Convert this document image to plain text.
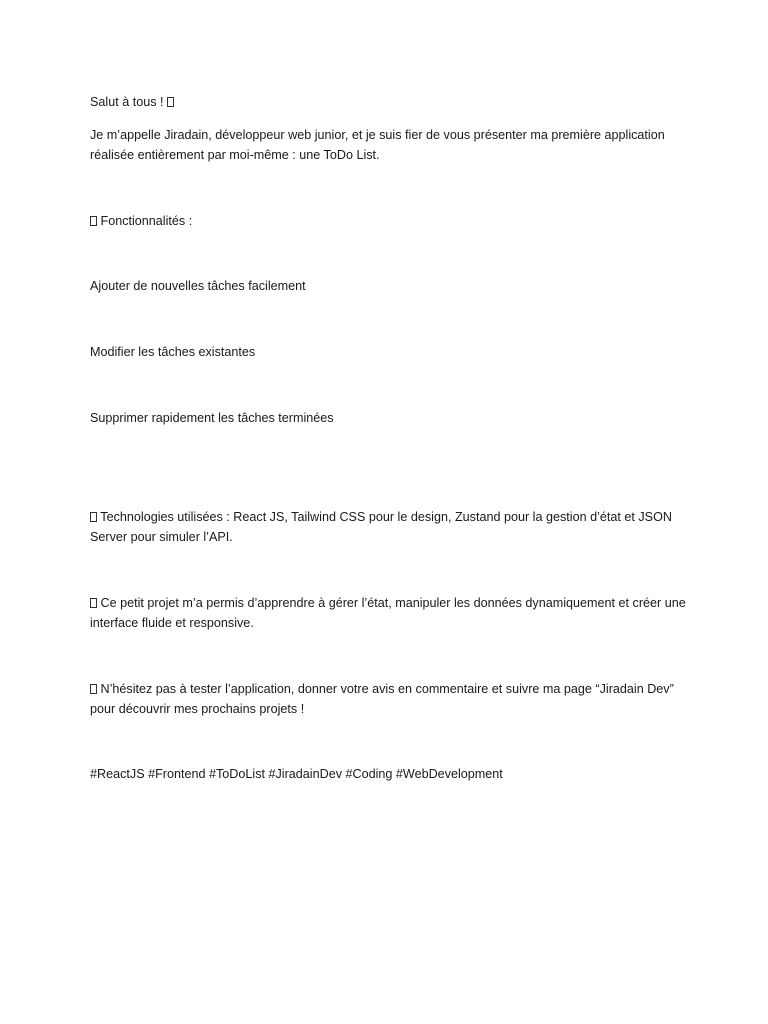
Salut à tous !

Je m’appelle Jiradain, développeur web junior, et je suis fier de vous présenter ma première application réalisée entièrement par moi-même : une ToDo List.

Fonctionnalités :

Ajouter de nouvelles tâches facilement

Modifier les tâches existantes

Supprimer rapidement les tâches terminées

Technologies utilisées : React JS, Tailwind CSS pour le design, Zustand pour la gestion d’état et JSON Server pour simuler l’API.

Ce petit projet m’a permis d’apprendre à gérer l’état, manipuler les données dynamiquement et créer une interface fluide et responsive.

N’hésitez pas à tester l’application, donner votre avis en commentaire et suivre ma page “Jiradain Dev” pour découvrir mes prochains projets !

#ReactJS #Frontend #ToDoList #JiradainDev #Coding #WebDevelopment
